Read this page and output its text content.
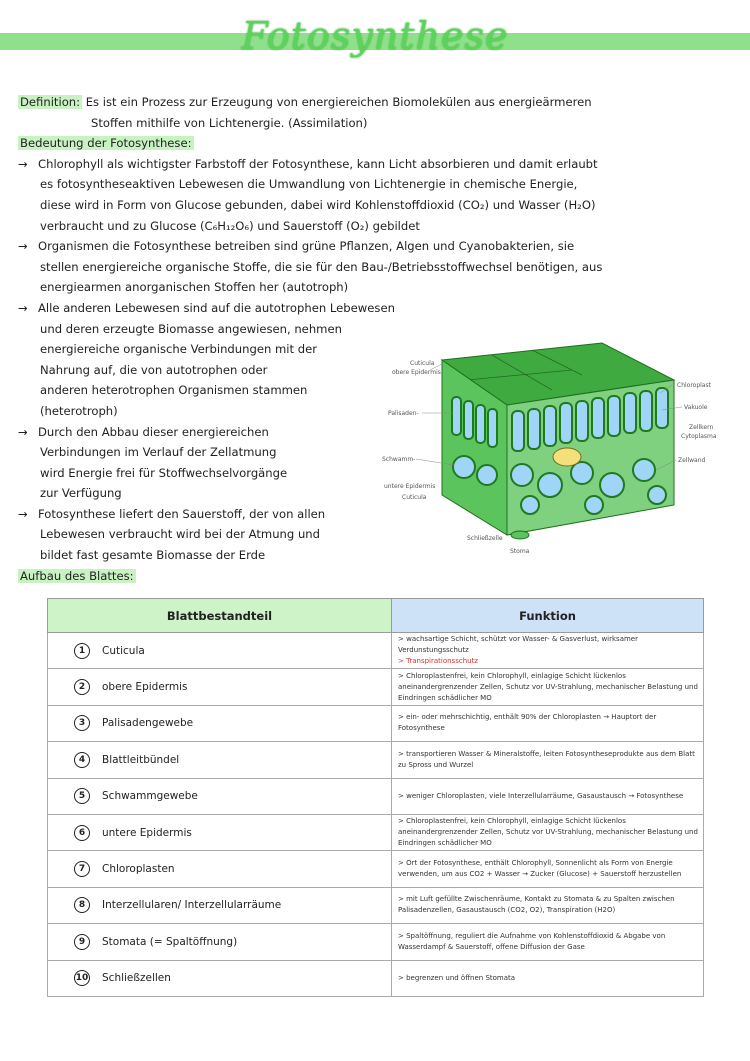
Fotosynthese

Definition: Es ist ein Prozess zur Erzeugung von energiereichen Biomolekülen aus energieärmeren

Stoffen mithilfe von Lichtenergie. (Assimilation)

Bedeutung der Fotosynthese:

→ Chlorophyll als wichtigster Farbstoff der Fotosynthese, kann Licht absorbieren und damit erlaubt

es fotosyntheseaktiven Lebewesen die Umwandlung von Lichtenergie in chemische Energie,

diese wird in Form von Glucose gebunden, dabei wird Kohlenstoffdioxid (CO₂) und Wasser (H₂O)

verbraucht und zu Glucose (C₆H₁₂O₆) und Sauerstoff (O₂) gebildet

→ Organismen die Fotosynthese betreiben sind grüne Pflanzen, Algen und Cyanobakterien, sie

stellen energiereiche organische Stoffe, die sie für den Bau-/Betriebsstoffwechsel benötigen, aus

energiearmen anorganischen Stoffen her (autotroph)

→ Alle anderen Lebewesen sind auf die autotrophen Lebewesen

und deren erzeugte Biomasse angewiesen, nehmen

energiereiche organische Verbindungen mit der

Nahrung auf, die von autotrophen oder

anderen heterotrophen Organismen stammen

(heterotroph)

→ Durch den Abbau dieser energiereichen

Verbindungen im Verlauf der Zellatmung

wird Energie frei für Stoffwechselvorgänge

zur Verfügung

→ Fotosynthese liefert den Sauerstoff, der von allen

Lebewesen verbraucht wird bei der Atmung und

bildet fast gesamte Biomasse der Erde

Aufbau des Blattes:

Cuticula
obere Epidermis
Palisaden-
Schwamm-
untere Epidermis
Cuticula
Schließzelle
Stoma
Chloroplast
Vakuole
Zellkern
Cytoplasma
Zellwand
Blattbestandteil	Funktion
1 Cuticula	> wachsartige Schicht, schützt vor Wasser- & Gasverlust, wirksamer Verdunstungsschutz
> Transpirationsschutz
2 obere Epidermis	> Chloroplastenfrei, kein Chlorophyll, einlagige Schicht lückenlos aneinandergrenzender Zellen, Schutz vor UV-Strahlung, mechanischer Belastung und Eindringen schädlicher MO
3 Palisadengewebe	> ein- oder mehrschichtig, enthält 90% der Chloroplasten → Hauptort der Fotosynthese
4 Blattleitbündel	> transportieren Wasser & Mineralstoffe, leiten Fotosyntheseprodukte aus dem Blatt zu Spross und Wurzel
5 Schwammgewebe	> weniger Chloroplasten, viele Interzellularräume, Gasaustausch → Fotosynthese
6 untere Epidermis	> Chloroplastenfrei, kein Chlorophyll, einlagige Schicht lückenlos aneinandergrenzender Zellen, Schutz vor UV-Strahlung, mechanischer Belastung und Eindringen schädlicher MO
7 Chloroplasten	> Ort der Fotosynthese, enthält Chlorophyll, Sonnenlicht als Form von Energie verwenden, um aus CO2 + Wasser → Zucker (Glucose) + Sauerstoff herzustellen
8 Interzellularen/ Interzellularräume	> mit Luft gefüllte Zwischenräume, Kontakt zu Stomata & zu Spalten zwischen Palisadenzellen, Gasaustausch (CO2, O2), Transpiration (H2O)
9 Stomata (= Spaltöffnung)	> Spaltöffnung, reguliert die Aufnahme von Kohlenstoffdioxid & Abgabe von Wasserdampf & Sauerstoff, offene Diffusion der Gase
10 Schließzellen	> begrenzen und öffnen Stomata
